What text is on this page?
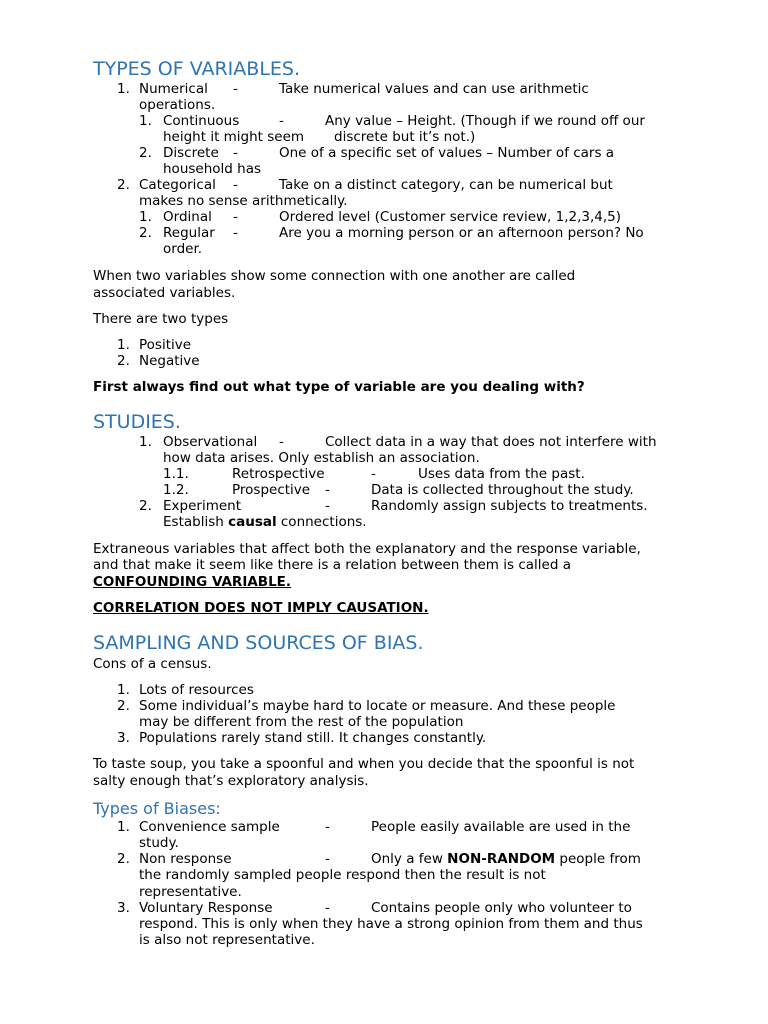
TYPES OF VARIABLES.
1. Numerical -	Take numerical values and can use arithmetic
operations.
1. Continuous	-	Any value – Height. (Though if we round off our
height it might seem discrete but it’s not.)
2. Discrete -	One of a specific set of values – Number of cars a
household has
2. Categorical -	Take on a distinct category, can be numerical but
makes no sense arithmetically.
1. Ordinal -	Ordered level (Customer service review, 1,2,3,4,5)
2. Regular -	Are you a morning person or an afternoon person? No
order.
When two variables show some connection with one another are called
associated variables.
There are two types
1. Positive
2. Negative
First always find out what type of variable are you dealing with?
STUDIES.
1. Observational -	Collect data in a way that does not interfere with
how data arises. Only establish an association.
1.1.	Retrospective	-	Uses data from the past.
1.2.	Prospective -	Data is collected throughout the study.
2. Experiment	-	Randomly assign subjects to treatments.
Establish causal connections.
Extraneous variables that affect both the explanatory and the response variable,
and that make it seem like there is a relation between them is called a
CONFOUNDING VARIABLE.
CORRELATION DOES NOT IMPLY CAUSATION.
SAMPLING AND SOURCES OF BIAS.
Cons of a census.
1. Lots of resources
2. Some individual’s maybe hard to locate or measure. And these people
may be different from the rest of the population
3. Populations rarely stand still. It changes constantly.
To taste soup, you take a spoonful and when you decide that the spoonful is not
salty enough that’s exploratory analysis.
Types of Biases:
1. Convenience sample	-	People easily available are used in the
study.
2. Non response	-	Only a few NON-RANDOM people from
the randomly sampled people respond then the result is not
representative.
3. Voluntary Response	-	Contains people only who volunteer to
respond. This is only when they have a strong opinion from them and thus
is also not representative.
